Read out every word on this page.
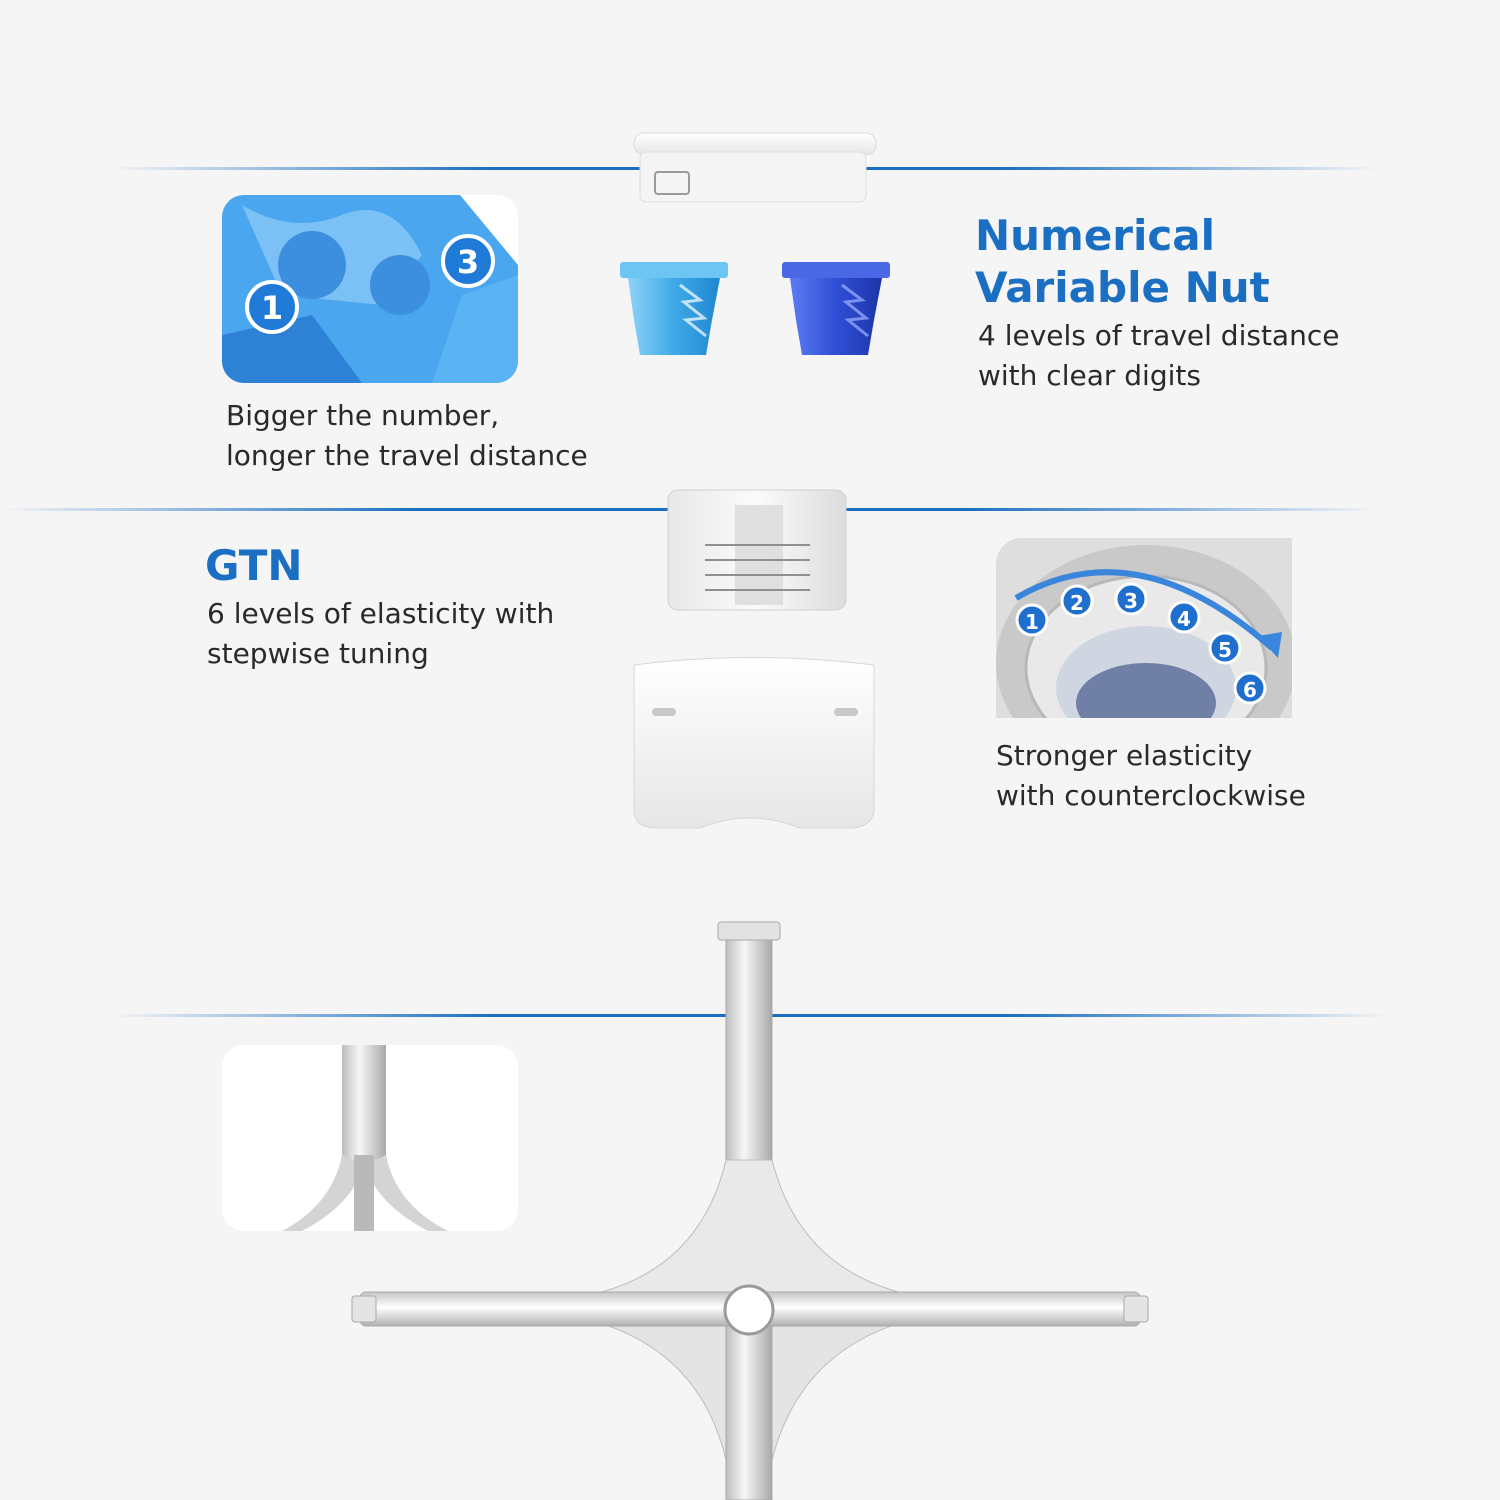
1
3
1
2 3
4
5
6
Numerical
Variable Nut

4 levels of travel distance
with clear digits

Bigger the number,
longer the travel distance

GTN

6 levels of elasticity with
stepwise tuning

Stronger elasticity
with counterclockwise
